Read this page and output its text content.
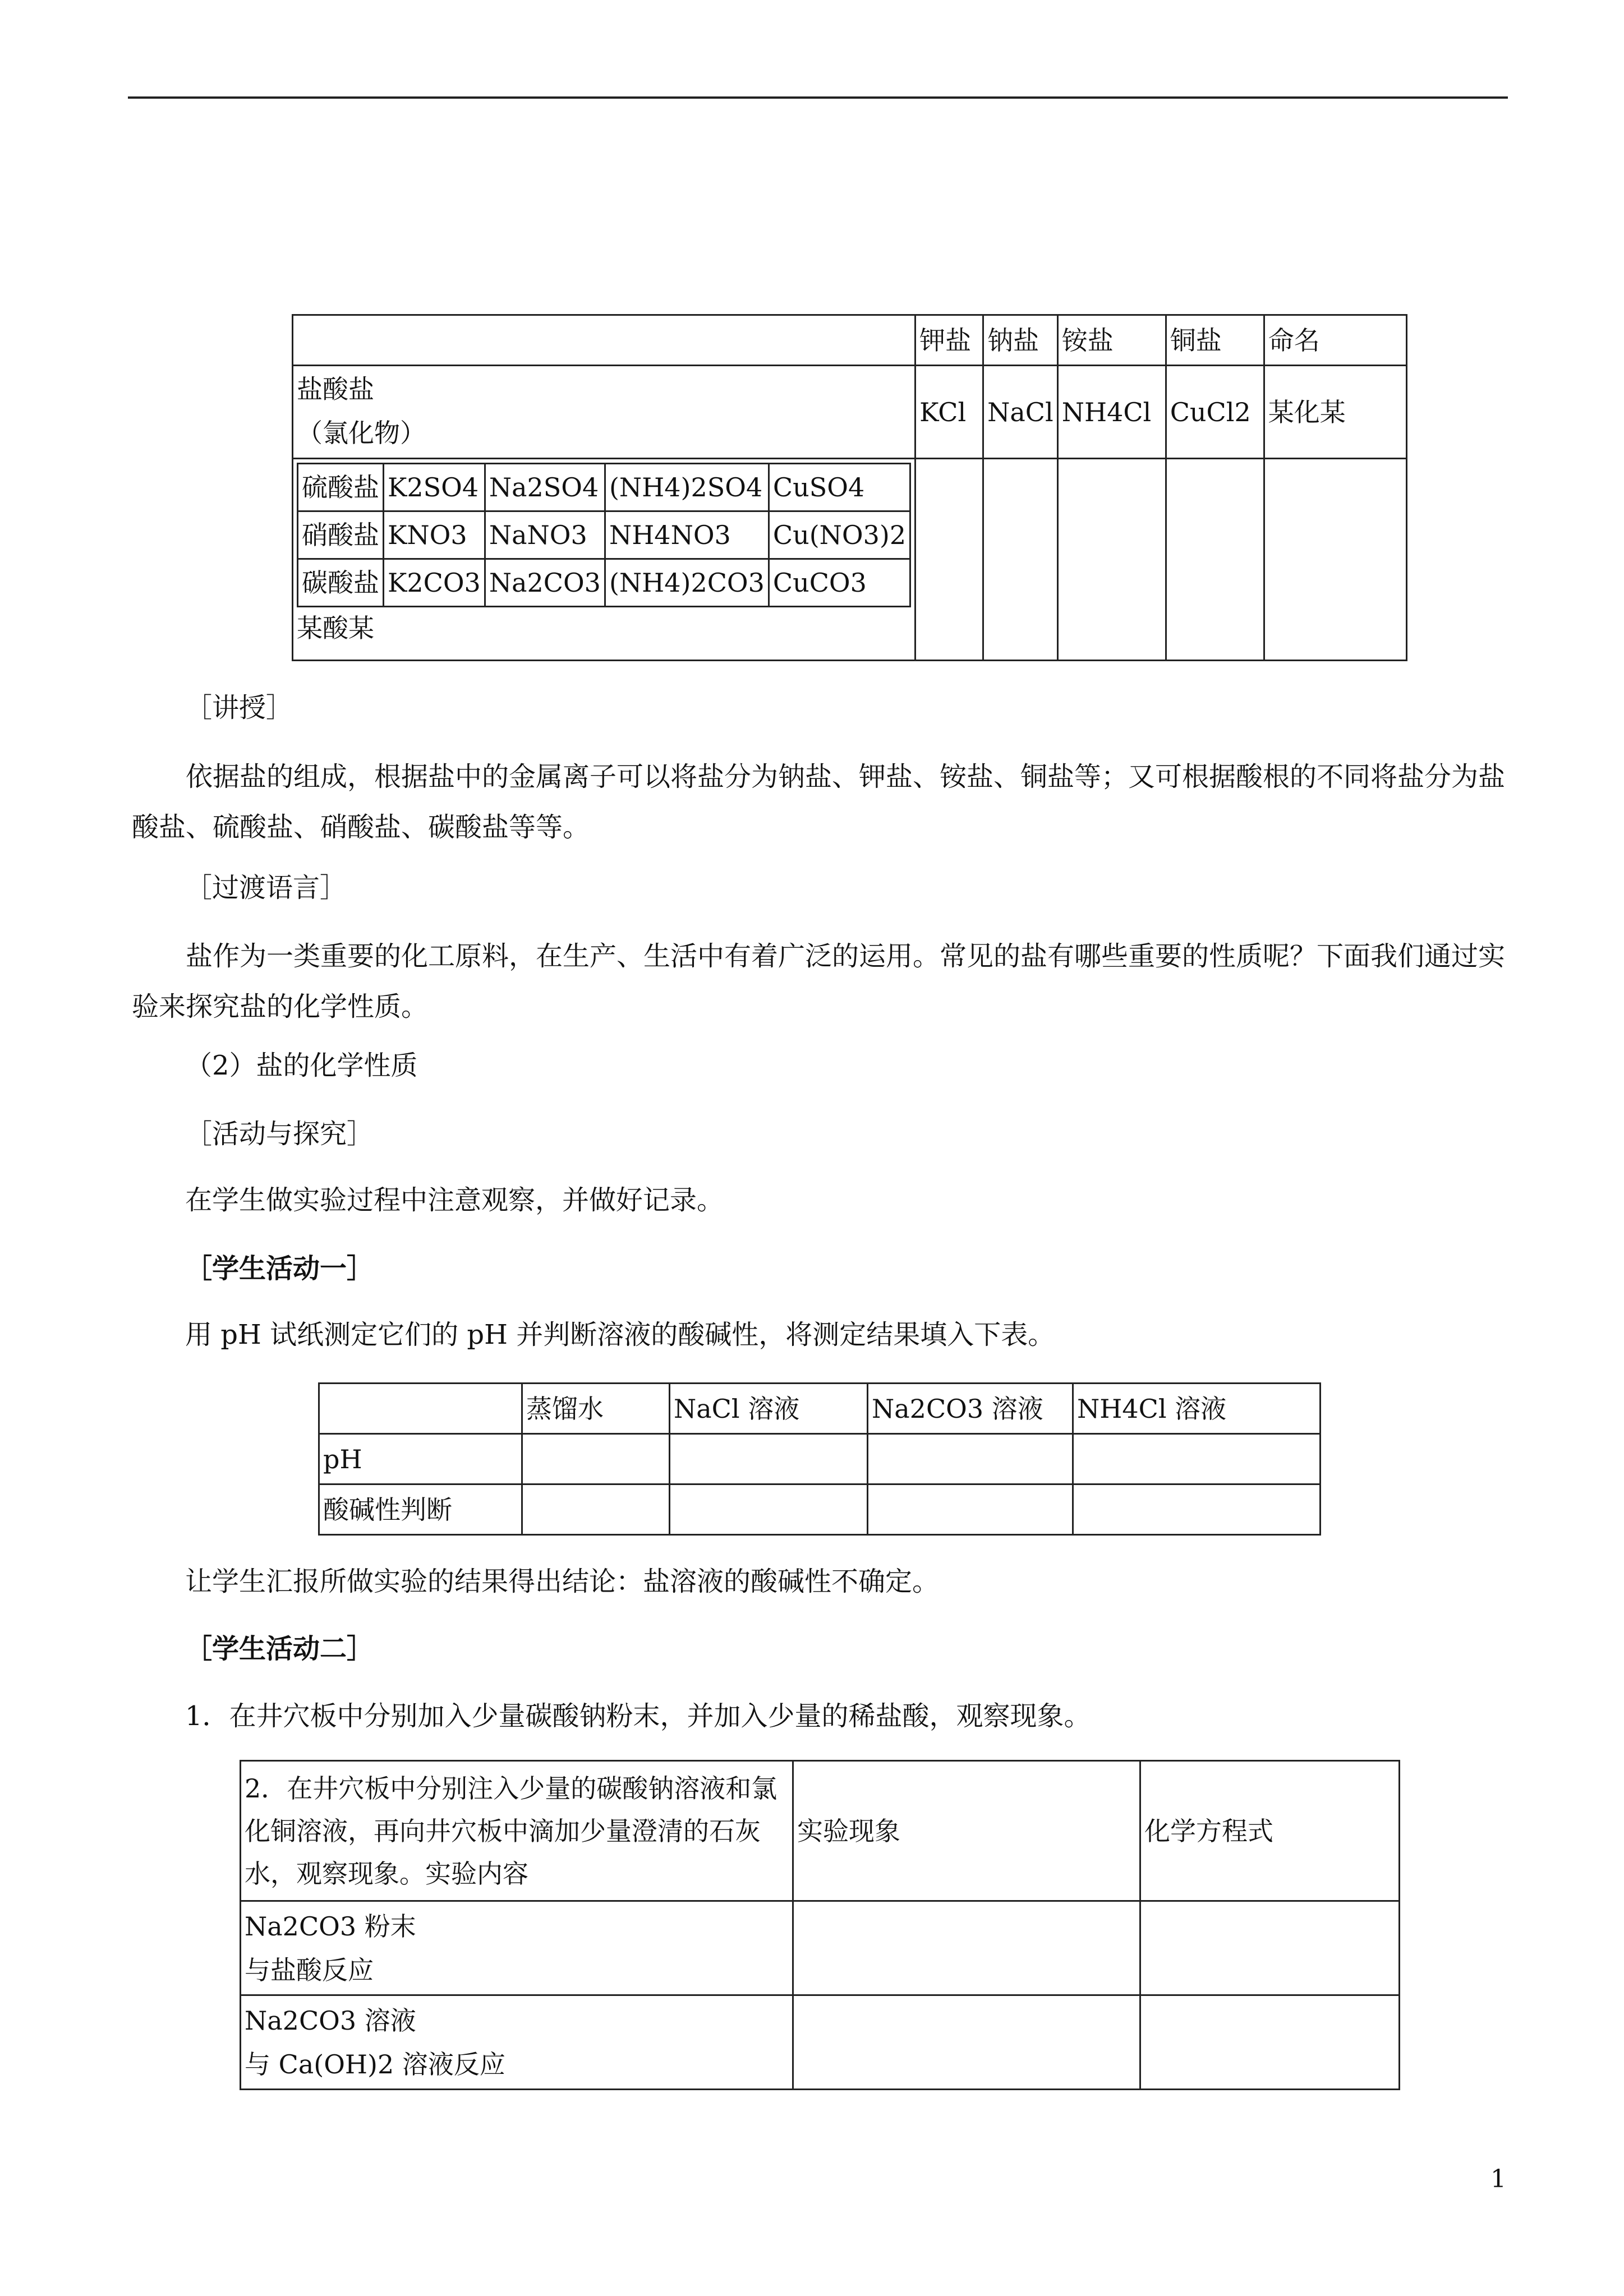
	钾盐	钠盐	铵盐	铜盐	命名

盐酸盐
（氯化物）
	KCl	NaCl	NH4Cl	CuCl2	某化某

硫酸盐	K2SO4	Na2SO4	(NH4)2SO4	CuSO4
硝酸盐	KNO3	NaNO3	NH4NO3	Cu(NO3)2
碳酸盐	K2CO3	Na2CO3	(NH4)2CO3	CuCO3
某酸某

［讲授］
依据盐的组成，根据盐中的金属离子可以将盐分为钠盐、钾盐、铵盐、铜盐等；又可根据酸根的不同将盐分为盐酸盐、硫酸盐、硝酸盐、碳酸盐等等。
［过渡语言］
盐作为一类重要的化工原料，在生产、生活中有着广泛的运用。常见的盐有哪些重要的性质呢？下面我们通过实验来探究盐的化学性质。
（2）盐的化学性质
［活动与探究］
在学生做实验过程中注意观察，并做好记录。
［学生活动一］
用 pH 试纸测定它们的 pH 并判断溶液的酸碱性，将测定结果填入下表。
	蒸馏水	NaCl 溶液	Na2CO3 溶液	NH4Cl 溶液
pH				
酸碱性判断				
让学生汇报所做实验的结果得出结论：盐溶液的酸碱性不确定。
［学生活动二］
1．在井穴板中分别加入少量碳酸钠粉末，并加入少量的稀盐酸，观察现象。
2．在井穴板中分别注入少量的碳酸钠溶液和氯化铜溶液，再向井穴板中滴加少量澄清的石灰水，观察现象。实验内容	实验现象	化学方程式

Na2CO3 粉末
与盐酸反应		

Na2CO3 溶液
与 Ca(OH)2 溶液反应		

1
